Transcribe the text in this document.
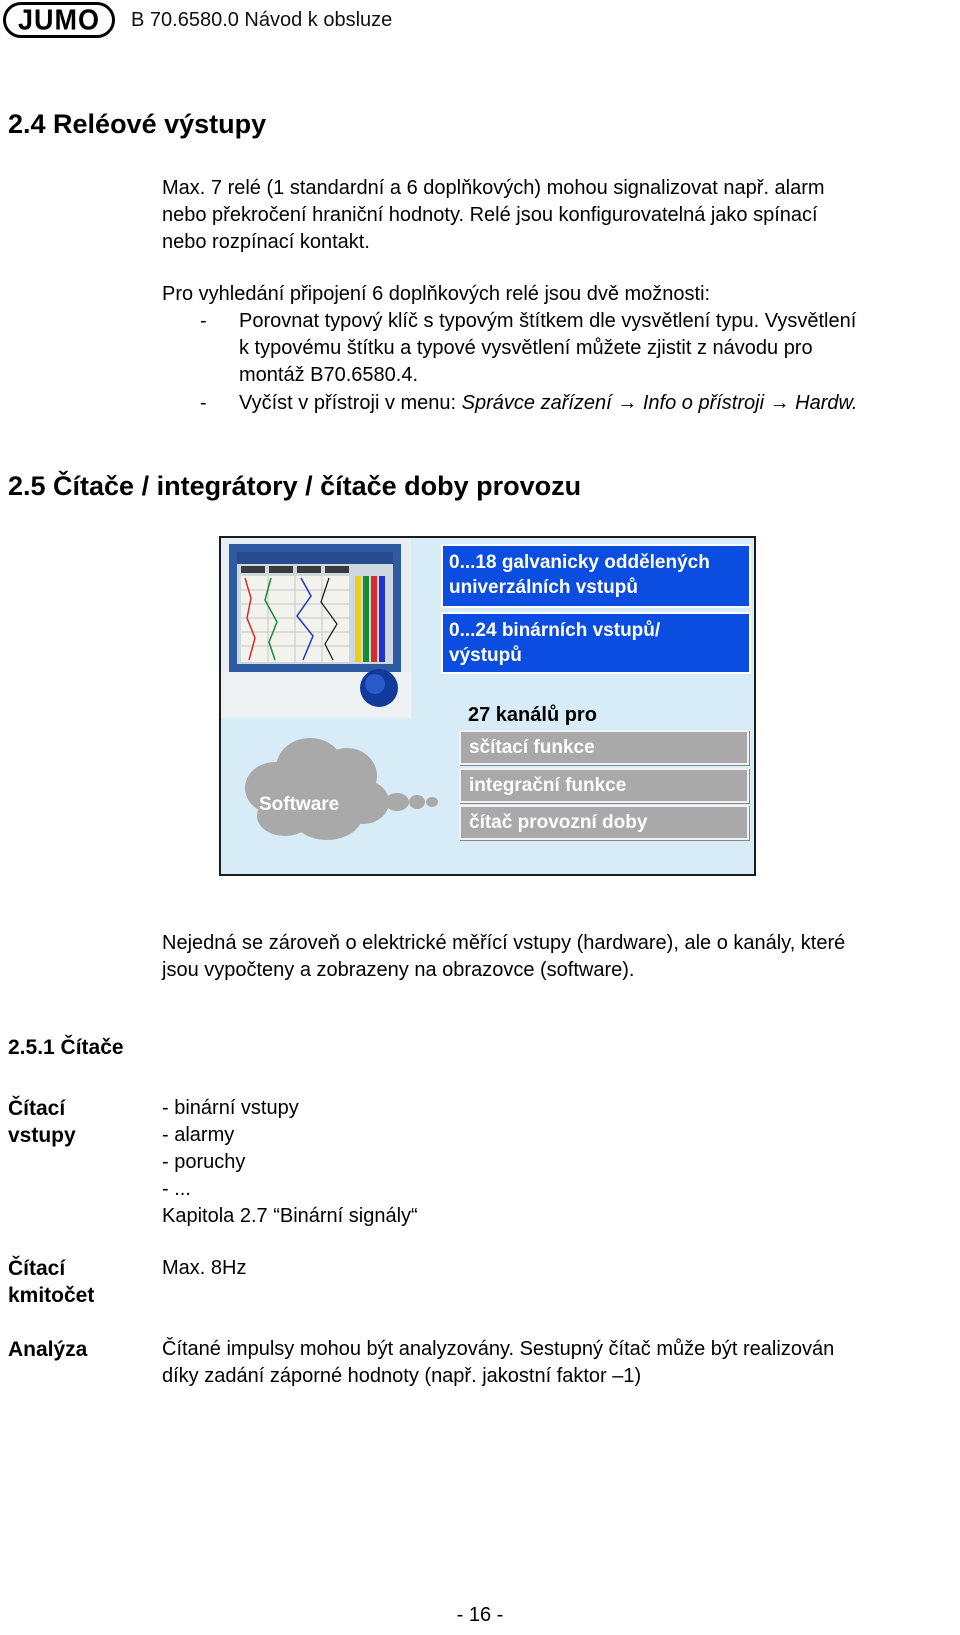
JUMO B 70.6580.0 Návod k obsluze
2.4 Reléové výstupy

Max. 7 relé (1 standardní a 6 doplňkových) mohou signalizovat např. alarm

nebo překročení hraniční hodnoty. Relé jsou konfigurovatelná jako spínací

nebo rozpínací kontakt.

Pro vyhledání připojení 6 doplňkových relé jsou dvě možnosti:

- Porovnat typový klíč s typovým štítkem dle vysvětlení typu. Vysvětlení
k typovému štítku a typové vysvětlení můžete zjistit z návodu pro
montáž B70.6580.4.
- Vyčíst v přístroji v menu: Správce zařízení → Info o přístroji → Hardw.
2.5 Čítače / integrátory / čítače doby provozu
Software
0...18 galvanicky oddělených
univerzálních vstupů
0...24 binárních vstupů/
výstupů
27 kanálů pro
sčítací funkce
integrační funkce
čítač provozní doby

Nejedná se zároveň o elektrické měřící vstupy (hardware), ale o kanály, které

jsou vypočteny a zobrazeny na obrazovce (software).

2.5.1 Čítače
Čítací
vstupy
- binární vstupy
- alarmy
- poruchy
- ...
Kapitola 2.7 “Binární signály“
Čítací
kmitočet
Max. 8Hz
Analýza	Čítané impulsy mohou být analyzovány. Sestupný čítač může být realizován
díky zadání záporné hodnoty (např. jakostní faktor –1)
- 16 -
